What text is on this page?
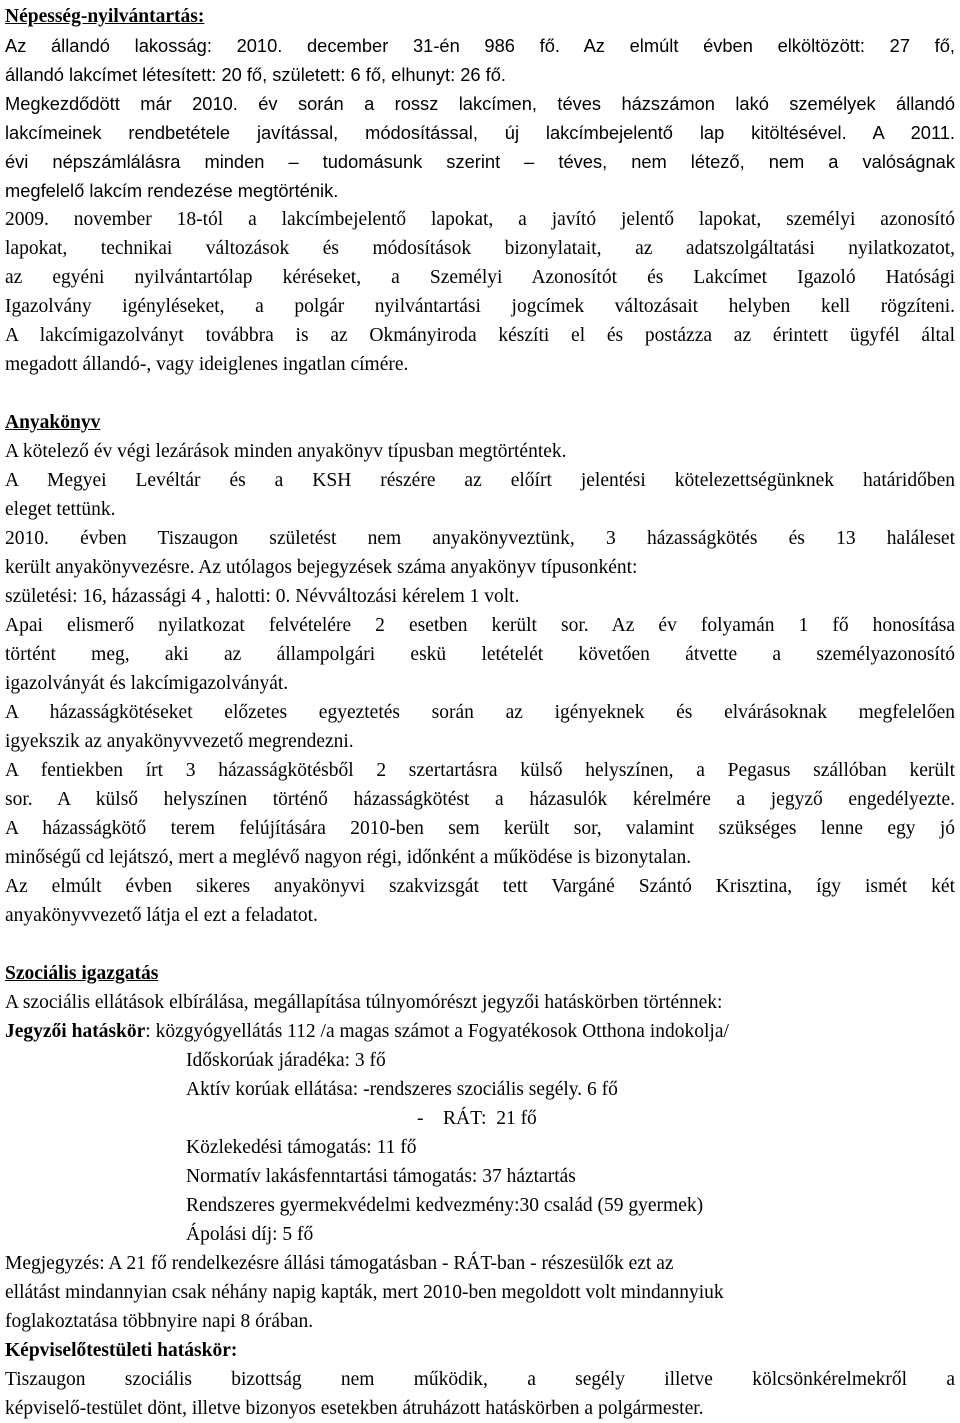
Népesség-nyilvántartás:

Az állandó lakosság: 2010. december 31-én 986 fő. Az elmúlt évben elköltözött: 27 fő,

állandó lakcímet létesített: 20 fő, született: 6 fő, elhunyt: 26 fő.

Megkezdődött már 2010. év során a rossz lakcímen, téves házszámon lakó személyek állandó

lakcímeinek rendbetétele javítással, módosítással, új lakcímbejelentő lap kitöltésével. A 2011.

évi népszámlálásra minden – tudomásunk szerint – téves, nem létező, nem a valóságnak

megfelelő lakcím rendezése megtörténik.

2009. november 18-tól a lakcímbejelentő lapokat, a javító jelentő lapokat, személyi azonosító

lapokat, technikai változások és módosítások bizonylatait, az adatszolgáltatási nyilatkozatot,

az egyéni nyilvántartólap kéréseket, a Személyi Azonosítót és Lakcímet Igazoló Hatósági

Igazolvány igényléseket, a polgár nyilvántartási jogcímek változásait helyben kell rögzíteni.

A lakcímigazolványt továbbra is az Okmányiroda készíti el és postázza az érintett ügyfél által

megadott állandó-, vagy ideiglenes ingatlan címére.

Anyakönyv

A kötelező év végi lezárások minden anyakönyv típusban megtörténtek.

A Megyei Levéltár és a KSH részére az előírt jelentési kötelezettségünknek határidőben

eleget tettünk.

2010. évben Tiszaugon születést nem anyakönyveztünk, 3 házasságkötés és 13 haláleset

került anyakönyvezésre. Az utólagos bejegyzések száma anyakönyv típusonként:

születési: 16, házassági 4 , halotti: 0. Névváltozási kérelem 1 volt.

Apai elismerő nyilatkozat felvételére 2 esetben került sor. Az év folyamán 1 fő honosítása

történt meg, aki az állampolgári eskü letételét követően átvette a személyazonosító

igazolványát és lakcímigazolványát.

A házasságkötéseket előzetes egyeztetés során az igényeknek és elvárásoknak megfelelően

igyekszik az anyakönyvvezető megrendezni.

A fentiekben írt 3 házasságkötésből 2 szertartásra külső helyszínen, a Pegasus szállóban került

sor. A külső helyszínen történő házasságkötést a házasulók kérelmére a jegyző engedélyezte.

A házasságkötő terem felújítására 2010-ben sem került sor, valamint szükséges lenne egy jó

minőségű cd lejátszó, mert a meglévő nagyon régi, időnként a működése is bizonytalan.

Az elmúlt évben sikeres anyakönyvi szakvizsgát tett Vargáné Szántó Krisztina, így ismét két

anyakönyvvezető látja el ezt a feladatot.

Szociális igazgatás

A szociális ellátások elbírálása, megállapítása túlnyomórészt jegyzői hatáskörben történnek:

Jegyzői hatáskör: közgyógyellátás 112 /a magas számot a Fogyatékosok Otthona indokolja/

Időskorúak járadéka: 3 fő

Aktív korúak ellátása: -rendszeres szociális segély. 6 fő

-    RÁT:  21 fő

Közlekedési támogatás: 11 fő

Normatív lakásfenntartási támogatás: 37 háztartás

Rendszeres gyermekvédelmi kedvezmény:30 család (59 gyermek)

Ápolási díj: 5 fő

Megjegyzés: A 21 fő rendelkezésre állási támogatásban - RÁT-ban - részesülők ezt az

ellátást mindannyian csak néhány napig kapták, mert 2010-ben megoldott volt mindannyiuk

foglakoztatása többnyire napi 8 órában.

Képviselőtestületi hatáskör:

Tiszaugon szociális bizottság nem működik, a segély illetve kölcsönkérelmekről a

képviselő-testület dönt, illetve bizonyos esetekben átruházott hatáskörben a polgármester.
